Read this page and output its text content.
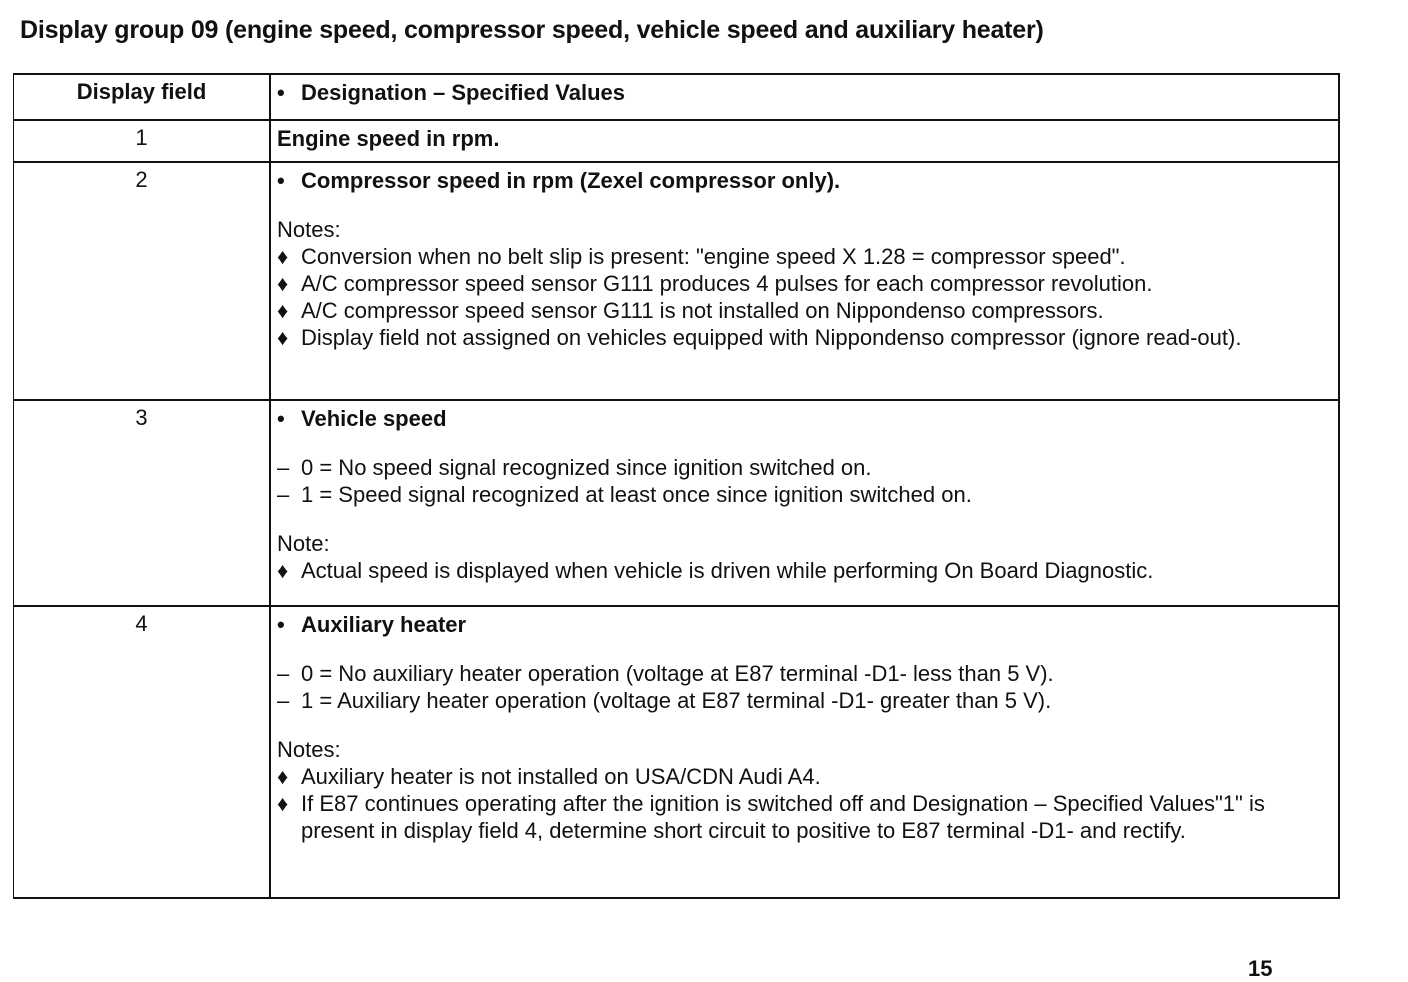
Display group 09 (engine speed, compressor speed, vehicle speed and auxiliary heater)
Display field	• Designation – Specified Values
1	Engine speed in rpm.
2	• Compressor speed in rpm (Zexel compressor only).
Notes:
♦ Conversion when no belt slip is present: "engine speed X 1.28 = compressor speed".
♦ A/C compressor speed sensor G111 produces 4 pulses for each compressor revolution.
♦ A/C compressor speed sensor G111 is not installed on Nippondenso compressors.
♦ Display field not assigned on vehicles equipped with Nippondenso compressor (ignore read-out).
3	• Vehicle speed
– 0 = No speed signal recognized since ignition switched on.
– 1 = Speed signal recognized at least once since ignition switched on.
Note:
♦ Actual speed is displayed when vehicle is driven while performing On Board Diagnostic.
4	• Auxiliary heater
– 0 = No auxiliary heater operation (voltage at E87 terminal -D1- less than 5 V).
– 1 = Auxiliary heater operation (voltage at E87 terminal -D1- greater than 5 V).
Notes:
♦ Auxiliary heater is not installed on USA/CDN Audi A4.
♦ If E87 continues operating after the ignition is switched off and Designation – Specified Values"1" is present in display field 4, determine short circuit to positive to E87 terminal -D1- and rectify.
15
